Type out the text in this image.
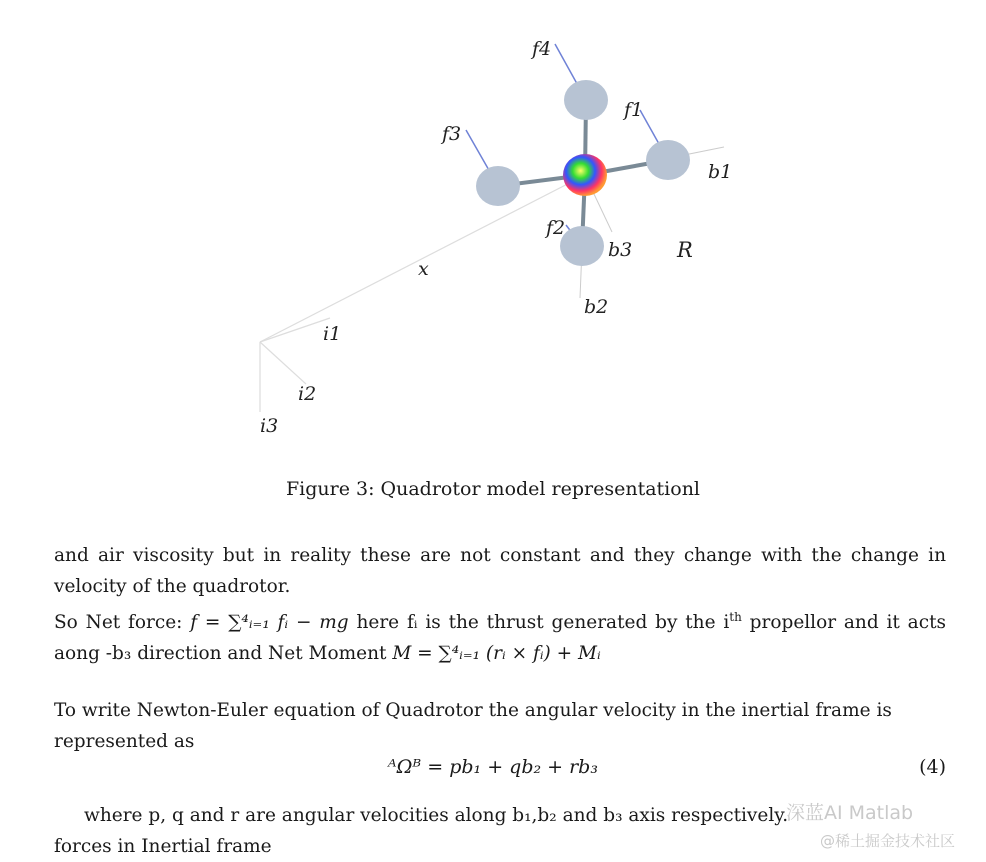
f1
f2
f3
f4
b1
b2
b3
i1
i2
i3
x
R
Figure 3: Quadrotor model representationl
and air viscosity but in reality these are not constant and they change with the change in velocity of the quadrotor.
So Net force: f = ∑⁴ᵢ₌₁ fᵢ − mg here fᵢ is the thrust generated by the $i^{th}$ propellor and it acts aong -b₃ direction and Net Moment M = ∑⁴ᵢ₌₁ (rᵢ × fᵢ) + Mᵢ
To write Newton-Euler equation of Quadrotor the angular velocity in the inertial frame is represented as
ᴬΩᴮ = pb₁ + qb₂ + rb₃	(4)
where p, q and r are angular velocities along b₁,b₂ and b₃ axis respectively.
forces in Inertial frame
深蓝AI Matlab
@稀土掘金技术社区
